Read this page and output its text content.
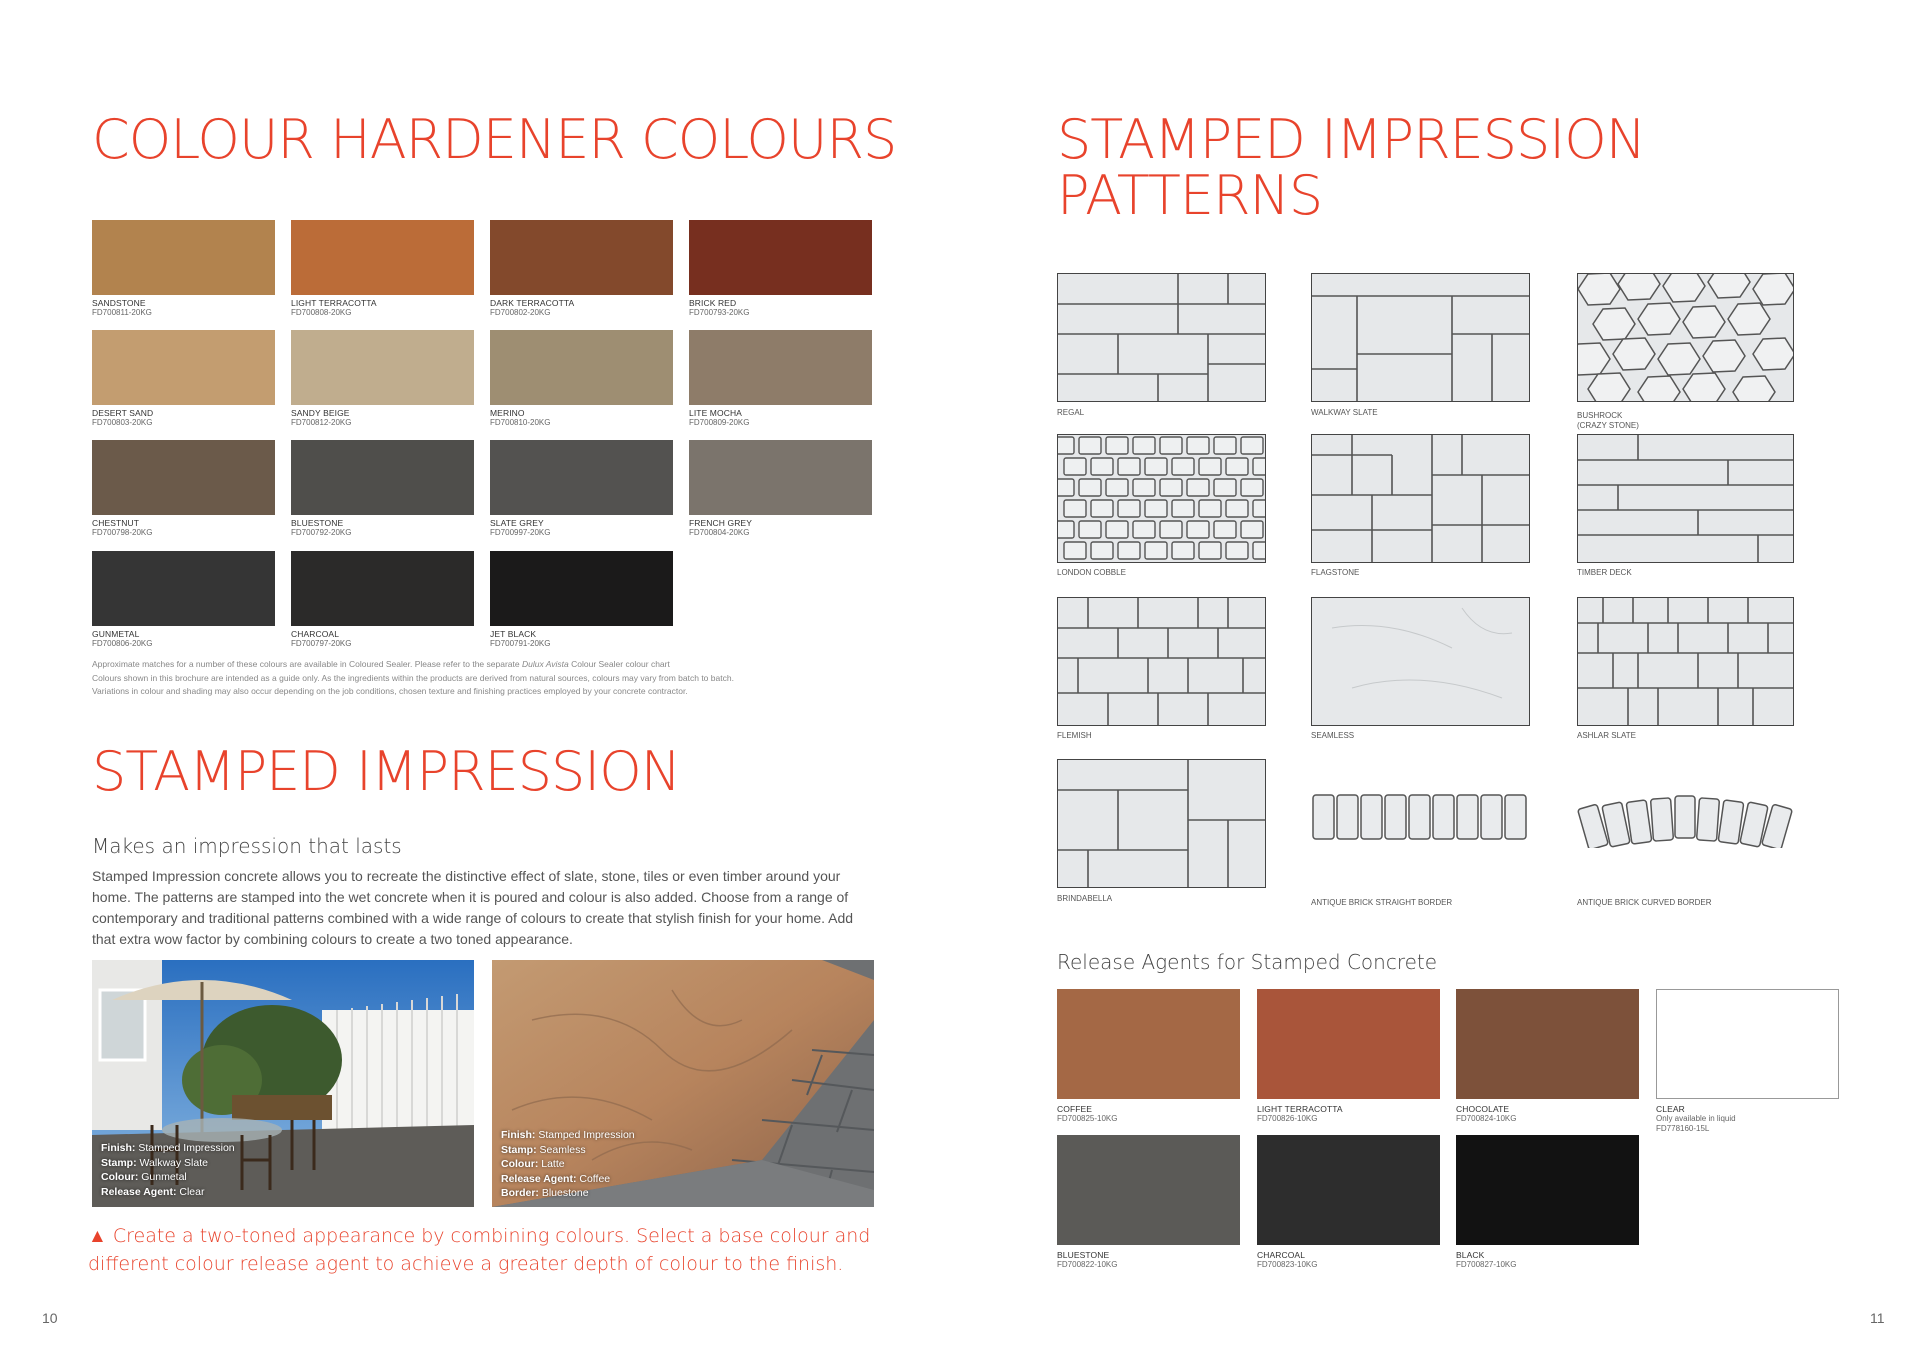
COLOUR HARDENER COLOURS
SANDSTONE
FD700811-20KG
LIGHT TERRACOTTA
FD700808-20KG
DARK TERRACOTTA
FD700802-20KG
BRICK RED
FD700793-20KG
DESERT SAND
FD700803-20KG
SANDY BEIGE
FD700812-20KG
MERINO
FD700810-20KG
LITE MOCHA
FD700809-20KG
CHESTNUT
FD700798-20KG
BLUESTONE
FD700792-20KG
SLATE GREY
FD700997-20KG
FRENCH GREY
FD700804-20KG
GUNMETAL
FD700806-20KG
CHARCOAL
FD700797-20KG
JET BLACK
FD700791-20KG
Approximate matches for a number of these colours are available in Coloured Sealer. Please refer to the separate Dulux Avista Colour Sealer colour chart
Colours shown in this brochure are intended as a guide only. As the ingredients within the products are derived from natural sources, colours may vary from batch to batch.
Variations in colour and shading may also occur depending on the job conditions, chosen texture and finishing practices employed by your concrete contractor.
STAMPED IMPRESSION
Makes an impression that lasts
Stamped Impression concrete allows you to recreate the distinctive effect of slate, stone, tiles or even timber around your home. The patterns are stamped into the wet concrete when it is poured and colour is also added. Choose from a range of contemporary and traditional patterns combined with a wide range of colours to create that stylish finish for your home. Add that extra wow factor by combining colours to create a two toned appearance.
Finish: Stamped Impression
Stamp: Walkway Slate
Colour: Gunmetal
Release Agent: Clear
Finish: Stamped Impression
Stamp: Seamless
Colour: Latte
Release Agent: Coffee
Border: Bluestone
▲ Create a two-toned appearance by combining colours. Select a base colour and
different colour release agent to achieve a greater depth of colour to the finish.
10
STAMPED IMPRESSION
PATTERNS
REGAL	WALKWAY SLATE	BUSHROCK
(CRAZY STONE)
LONDON COBBLE	FLAGSTONE	TIMBER DECK
FLEMISH	SEAMLESS	ASHLAR SLATE
BRINDABELLA	ANTIQUE BRICK STRAIGHT BORDER	ANTIQUE BRICK CURVED BORDER
Release Agents for Stamped Concrete
COFFEE
FD700825-10KG
LIGHT TERRACOTTA
FD700826-10KG
CHOCOLATE
FD700824-10KG
CLEAR
Only available in liquid
FD778160-15L
BLUESTONE
FD700822-10KG
CHARCOAL
FD700823-10KG
BLACK
FD700827-10KG
11
